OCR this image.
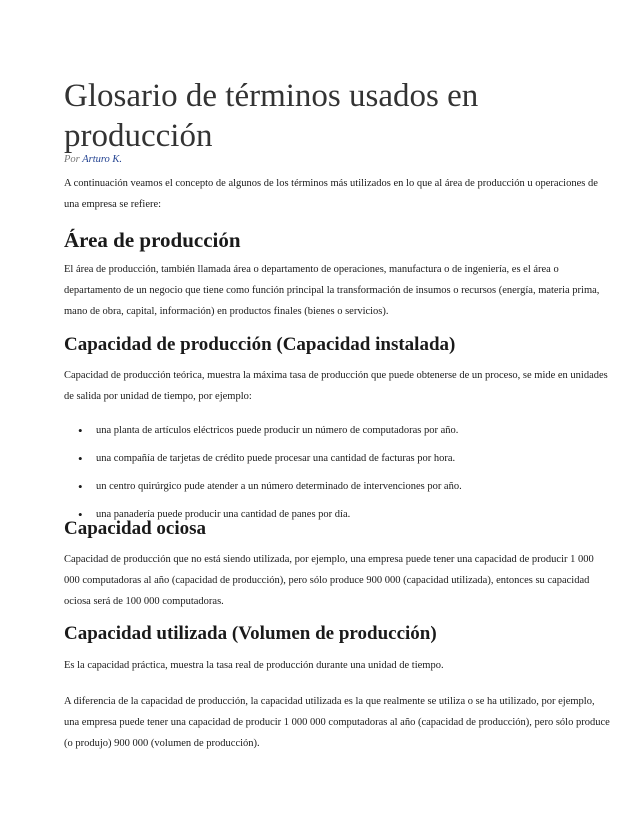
Glosario de términos usados en producción
Por Arturo K.

A continuación veamos el concepto de algunos de los términos más utilizados en lo que al área de producción u operaciones de una empresa se refiere:

Área de producción

El área de producción, también llamada área o departamento de operaciones, manufactura o de ingeniería, es el área o departamento de un negocio que tiene como función principal la transformación de insumos o recursos (energía, materia prima, mano de obra, capital, información) en productos finales (bienes o servicios).

Capacidad de producción (Capacidad instalada)

Capacidad de producción teórica, muestra la máxima tasa de producción que puede obtenerse de un proceso, se mide en unidades de salida por unidad de tiempo, por ejemplo:

• una planta de artículos eléctricos puede producir un número de computadoras por año.
• una compañía de tarjetas de crédito puede procesar una cantidad de facturas por hora.
• un centro quirúrgico pude atender a un número determinado de intervenciones por año.
• una panadería puede producir una cantidad de panes por día.
Capacidad ociosa

Capacidad de producción que no está siendo utilizada, por ejemplo, una empresa puede tener una capacidad de producir 1 000 000 computadoras al año (capacidad de producción), pero sólo produce 900 000 (capacidad utilizada), entonces su capacidad ociosa será de 100 000 computadoras.

Capacidad utilizada (Volumen de producción)

Es la capacidad práctica, muestra la tasa real de producción durante una unidad de tiempo.

A diferencia de la capacidad de producción, la capacidad utilizada es la que realmente se utiliza o se ha utilizado, por ejemplo, una empresa puede tener una capacidad de producir 1 000 000 computadoras al año (capacidad de producción), pero sólo produce (o produjo) 900 000 (volumen de producción).
